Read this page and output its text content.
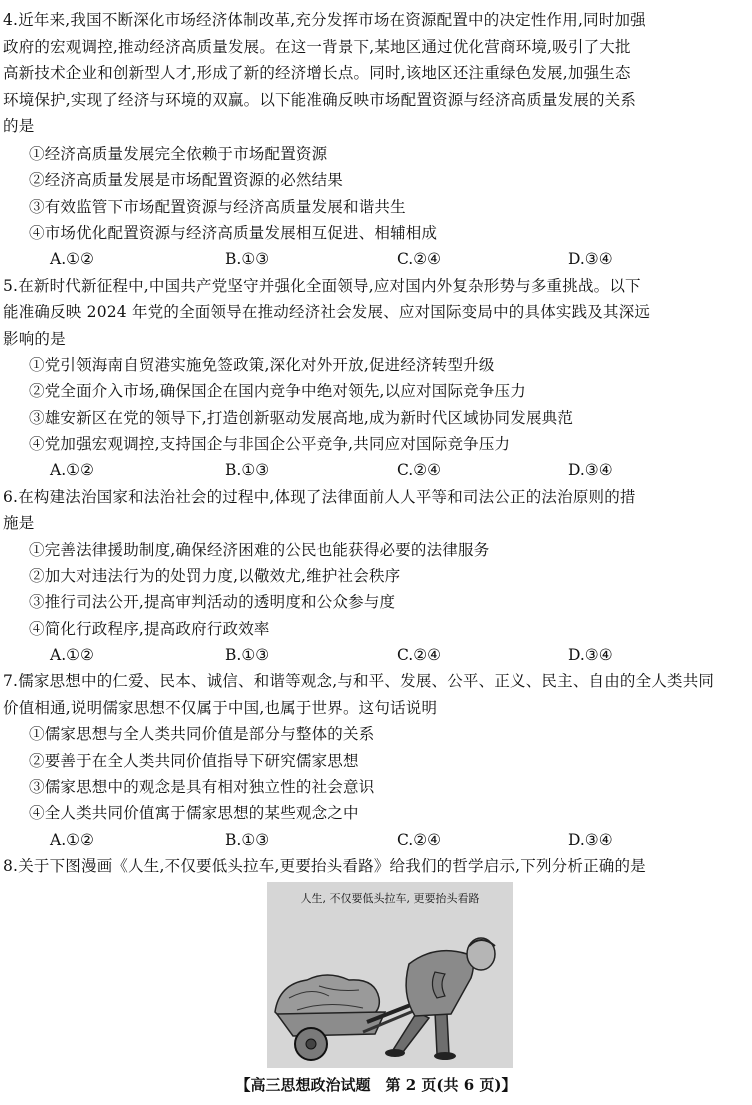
4.近年来,我国不断深化市场经济体制改革,充分发挥市场在资源配置中的决定性作用,同时加强
政府的宏观调控,推动经济高质量发展。在这一背景下,某地区通过优化营商环境,吸引了大批
高新技术企业和创新型人才,形成了新的经济增长点。同时,该地区还注重绿色发展,加强生态
环境保护,实现了经济与环境的双赢。以下能准确反映市场配置资源与经济高质量发展的关系
的是
①经济高质量发展完全依赖于市场配置资源
②经济高质量发展是市场配置资源的必然结果
③有效监管下市场配置资源与经济高质量发展和谐共生
④市场优化配置资源与经济高质量发展相互促进、相辅相成
A.①②	B.①③	C.②④	D.③④
5.在新时代新征程中,中国共产党坚守并强化全面领导,应对国内外复杂形势与多重挑战。以下
能准确反映 2024 年党的全面领导在推动经济社会发展、应对国际变局中的具体实践及其深远
影响的是
①党引领海南自贸港实施免签政策,深化对外开放,促进经济转型升级
②党全面介入市场,确保国企在国内竞争中绝对领先,以应对国际竞争压力
③雄安新区在党的领导下,打造创新驱动发展高地,成为新时代区域协同发展典范
④党加强宏观调控,支持国企与非国企公平竞争,共同应对国际竞争压力
A.①②	B.①③	C.②④	D.③④
6.在构建法治国家和法治社会的过程中,体现了法律面前人人平等和司法公正的法治原则的措
施是
①完善法律援助制度,确保经济困难的公民也能获得必要的法律服务
②加大对违法行为的处罚力度,以儆效尤,维护社会秩序
③推行司法公开,提高审判活动的透明度和公众参与度
④简化行政程序,提高政府行政效率
A.①②	B.①③	C.②④	D.③④
7.儒家思想中的仁爱、民本、诚信、和谐等观念,与和平、发展、公平、正义、民主、自由的全人类共同
价值相通,说明儒家思想不仅属于中国,也属于世界。这句话说明
①儒家思想与全人类共同价值是部分与整体的关系
②要善于在全人类共同价值指导下研究儒家思想
③儒家思想中的观念是具有相对独立性的社会意识
④全人类共同价值寓于儒家思想的某些观念之中
A.①②	B.①③	C.②④	D.③④
8.关于下图漫画《人生,不仅要低头拉车,更要抬头看路》给我们的哲学启示,下列分析正确的是
人生, 不仅要低头拉车, 更要抬头看路
【高三思想政治试题　第 2 页(共 6 页)】
